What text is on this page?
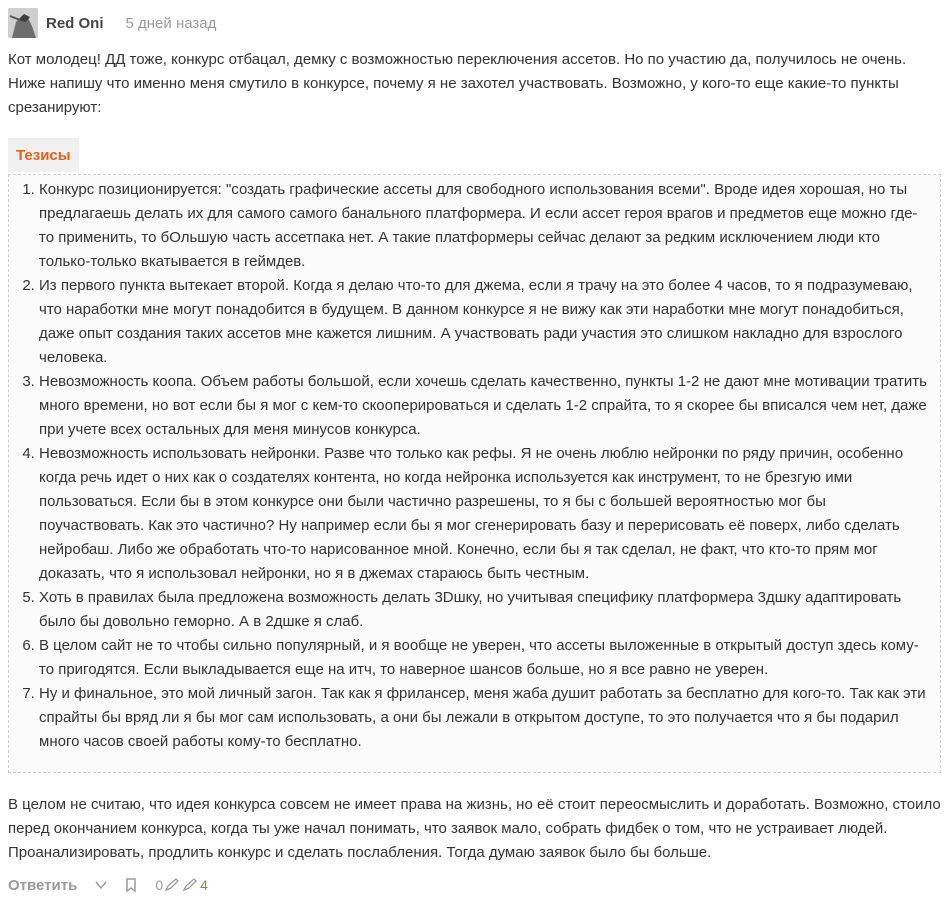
Red Oni 5 дней назад
Кот молодец! ДД тоже, конкурс отбацал, демку с возможностью переключения ассетов. Но по участию да, получилось не очень. Ниже напишу что именно меня смутило в конкурсе, почему я не захотел участвовать. Возможно, у кого-то еще какие-то пункты срезанируют:
Тезисы
1. Конкурс позиционируется: "создать графические ассеты для свободного использования всеми". Вроде идея хорошая, но ты предлагаешь делать их для самого самого банального платформера. И если ассет героя врагов и предметов еще можно где-то применить, то бОльшую часть ассетпака нет. А такие платформеры сейчас делают за редким исключением люди кто только-только вкатывается в геймдев.
2. Из первого пункта вытекает второй. Когда я делаю что-то для джема, если я трачу на это более 4 часов, то я подразумеваю, что наработки мне могут понадобится в будущем. В данном конкурсе я не вижу как эти наработки мне могут понадобиться, даже опыт создания таких ассетов мне кажется лишним. А участвовать ради участия это слишком накладно для взрослого человека.
3. Невозможность коопа. Объем работы большой, если хочешь сделать качественно, пункты 1-2 не дают мне мотивации тратить много времени, но вот если бы я мог с кем-то скооперироваться и сделать 1-2 спрайта, то я скорее бы вписался чем нет, даже при учете всех остальных для меня минусов конкурса.
4. Невозможность использовать нейронки. Разве что только как рефы. Я не очень люблю нейронки по ряду причин, особенно когда речь идет о них как о создателях контента, но когда нейронка используется как инструмент, то не брезгую ими пользоваться. Если бы в этом конкурсе они были частично разрешены, то я бы с большей вероятностью мог бы поучаствовать. Как это частично? Ну например если бы я мог сгенерировать базу и перерисовать её поверх, либо сделать нейробаш. Либо же обработать что-то нарисованное мной. Конечно, если бы я так сделал, не факт, что кто-то прям мог доказать, что я использовал нейронки, но я в джемах стараюсь быть честным.
5. Хоть в правилах была предложена возможность делать 3Dшку, но учитывая специфику платформера 3дшку адаптировать было бы довольно геморно. А в 2дшке я слаб.
6. В целом сайт не то чтобы сильно популярный, и я вообще не уверен, что ассеты выложенные в открытый доступ здесь кому-то пригодятся. Если выкладывается еще на итч, то наверное шансов больше, но я все равно не уверен.
7. Ну и финальное, это мой личный загон. Так как я фрилансер, меня жаба душит работать за бесплатно для кого-то. Так как эти спрайты бы вряд ли я бы мог сам использовать, а они бы лежали в открытом доступе, то это получается что я бы подарил много часов своей работы кому-то бесплатно.
В целом не считаю, что идея конкурса совсем не имеет права на жизнь, но её стоит переосмыслить и доработать. Возможно, стоило перед окончанием конкурса, когда ты уже начал понимать, что заявок мало, собрать фидбек о том, что не устраивает людей. Проанализировать, продлить конкурс и сделать послабления. Тогда думаю заявок было бы больше.
Ответить	0	4
